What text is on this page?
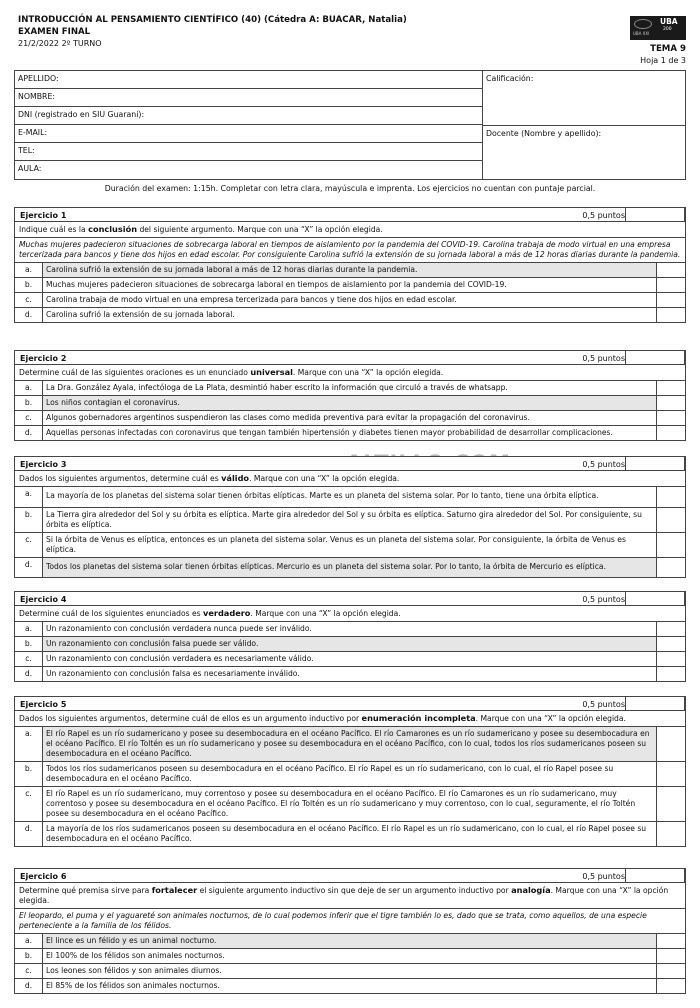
INTRODUCCIÓN AL PENSAMIENTO CIENTÍFICO (40) (Cátedra A: BUACAR, Natalia)
EXAMEN FINAL
21/2/2022 2º TURNO
UBA
200
UBA XXI
TEMA 9
Hoja 1 de 3
APELLIDO:
NOMBRE:
DNI (registrado en SIU Guaraní):
E-MAIL:
TEL:
AULA:
Calificación:
Docente (Nombre y apellido):
Duración del examen: 1:15h. Completar con letra clara, mayúscula e imprenta. Los ejercicios no cuentan con puntaje parcial.
Ejercicio 1	0,5 puntos
Indique cuál es la conclusión del siguiente argumento. Marque con una “X” la opción elegida.
Muchas mujeres padecieron situaciones de sobrecarga laboral en tiempos de aislamiento por la pandemia del COVID-19. Carolina trabaja de modo virtual en una empresa tercerizada para bancos y tiene dos hijos en edad escolar. Por consiguiente Carolina sufrió la extensión de su jornada laboral a más de 12 horas diarias durante la pandemia.
a.	Carolina sufrió la extensión de su jornada laboral a más de 12 horas diarias durante la pandemia.
b.	Muchas mujeres padecieron situaciones de sobrecarga laboral en tiempos de aislamiento por la pandemia del COVID-19.
c.	Carolina trabaja de modo virtual en una empresa tercerizada para bancos y tiene dos hijos en edad escolar.
d.	Carolina sufrió la extensión de su jornada laboral.
Ejercicio 2	0,5 puntos
Determine cuál de las siguientes oraciones es un enunciado universal. Marque con una “X” la opción elegida.
a.	La Dra. González Ayala, infectóloga de La Plata, desmintió haber escrito la información que circuló a través de whatsapp.
b.	Los niños contagian el coronavirus.
c.	Algunos gobernadores argentinos suspendieron las clases como medida preventiva para evitar la propagación del coronavirus.
d.	Aquellas personas infectadas con coronavirus que tengan también hipertensión y diabetes tienen mayor probabilidad de desarrollar complicaciones.
Ejercicio 3	0,5 puntos
Dados los siguientes argumentos, determine cuál es válido. Marque con una “X” la opción elegida.
a.	La mayoría de los planetas del sistema solar tienen órbitas elípticas. Marte es un planeta del sistema solar. Por lo tanto, tiene una órbita elíptica.
b.	La Tierra gira alrededor del Sol y su órbita es elíptica. Marte gira alrededor del Sol y su órbita es elíptica. Saturno gira alrededor del Sol. Por consiguiente, su órbita es elíptica.
c.	Si la órbita de Venus es elíptica, entonces es un planeta del sistema solar. Venus es un planeta del sistema solar. Por consiguiente, la órbita de Venus es elíptica.
d.	Todos los planetas del sistema solar tienen órbitas elípticas. Mercurio es un planeta del sistema solar. Por lo tanto, la órbita de Mercurio es elíptica.
Ejercicio 4	0,5 puntos
Determine cuál de los siguientes enunciados es verdadero. Marque con una “X” la opción elegida.
a.	Un razonamiento con conclusión verdadera nunca puede ser inválido.
b.	Un razonamiento con conclusión falsa puede ser válido.
c.	Un razonamiento con conclusión verdadera es necesariamente válido.
d.	Un razonamiento con conclusión falsa es necesariamente inválido.
Ejercicio 5	0,5 puntos
Dados los siguientes argumentos, determine cuál de ellos es un argumento inductivo por enumeración incompleta. Marque con una “X” la opción elegida.
a.	El río Rapel es un río sudamericano y posee su desembocadura en el océano Pacífico. El río Camarones es un río sudamericano y posee su desembocadura en el océano Pacífico. El río Toltén es un río sudamericano y posee su desembocadura en el océano Pacífico, con lo cual, todos los ríos sudamericanos poseen su desembocadura en el océano Pacífico.
b.	Todos los ríos sudamericanos poseen su desembocadura en el océano Pacífico. El río Rapel es un río sudamericano, con lo cual, el río Rapel posee su desembocadura en el océano Pacífico.
c.	El río Rapel es un río sudamericano, muy correntoso y posee su desembocadura en el océano Pacífico. El río Camarones es un río sudamericano, muy correntoso y posee su desembocadura en el océano Pacífico. El río Toltén es un río sudamericano y muy correntoso, con lo cual, seguramente, el río Toltén posee su desembocadura en el océano Pacífico.
d.	La mayoría de los ríos sudamericanos poseen su desembocadura en el océano Pacífico. El río Rapel es un río sudamericano, con lo cual, el río Rapel posee su desembocadura en el océano Pacífico.
Ejercicio 6	0,5 puntos
Determine qué premisa sirve para fortalecer el siguiente argumento inductivo sin que deje de ser un argumento inductivo por analogía. Marque con una “X” la opción elegida.
El leopardo, el puma y el yaguareté son animales nocturnos, de lo cual podemos inferir que el tigre también lo es, dado que se trata, como aquellos, de una especie perteneciente a la familia de los félidos.
a.	El lince es un félido y es un animal nocturno.
b.	El 100% de los félidos son animales nocturnos.
c.	Los leones son félidos y son animales diurnos.
d.	El 85% de los félidos son animales nocturnos.
